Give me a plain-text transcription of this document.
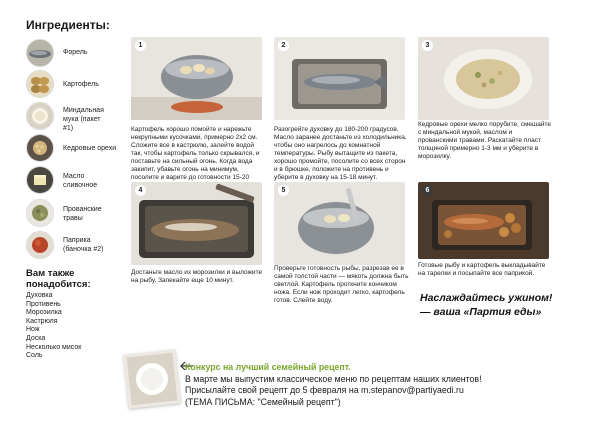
Ингредиенты:
Форель
Картофель
Миндальная мука (пакет #1)
Кедровые орехи
Масло сливочное
Прованские травы
Паприка (баночка #2)
Вам также понадобится:
Духовка
Противень
Морозилка
Кастрюля
Нож
Доска
Несколько мисок
Соль
1
Картофель хорошо помойте и нарежьте некрупными кусочками, примерно 2x2 см. Сложите все в кастрюлю, залейте водой так, чтобы картофель только скрывался, и поставьте на сильный огонь. Когда вода закипит, убавьте огонь на минимум, посолите и варите до готовности 15-20
2
Разогрейте духовку до 180-200 градусов. Масло заранее достаньте из холодильника, чтобы оно нагрелось до комнатной температуры. Рыбу вытащите из пакета, хорошо промойте, посолите со всех сторон и в брюшке, положите на противень и уберите в духовку на 15-18 минут.
3
Кедровые орехи мелко порубите, смешайте с миндальной мукой, маслом и прованскими травами. Раскатайте пласт толщиной примерно 1-3 мм и уберите в морозилку.
4
Достаньте масло из морозилки и выложите на рыбу. Запекайте еще 10 минут.
5
Проверьте готовность рыбы, разрезав ее в самой толстой части — мякоть должна быть светлой. Картофель проткните кончиком ножа. Если нож проходит легко, картофель готов. Слейте воду.
6
Готовые рыбу и картофель выкладывайте на тарелки и посыпайте все паприкой.
Наслаждайтесь ужином!
— ваша «Партия еды»
Конкурс на лучший семейный рецепт.
В марте мы выпустим классическое меню по рецептам наших клиентов!
Присылайте свой рецепт до 5 февраля на m.stepanov@partiyaedi.ru
(ТЕМА ПИСЬМА: "Семейный рецепт")
